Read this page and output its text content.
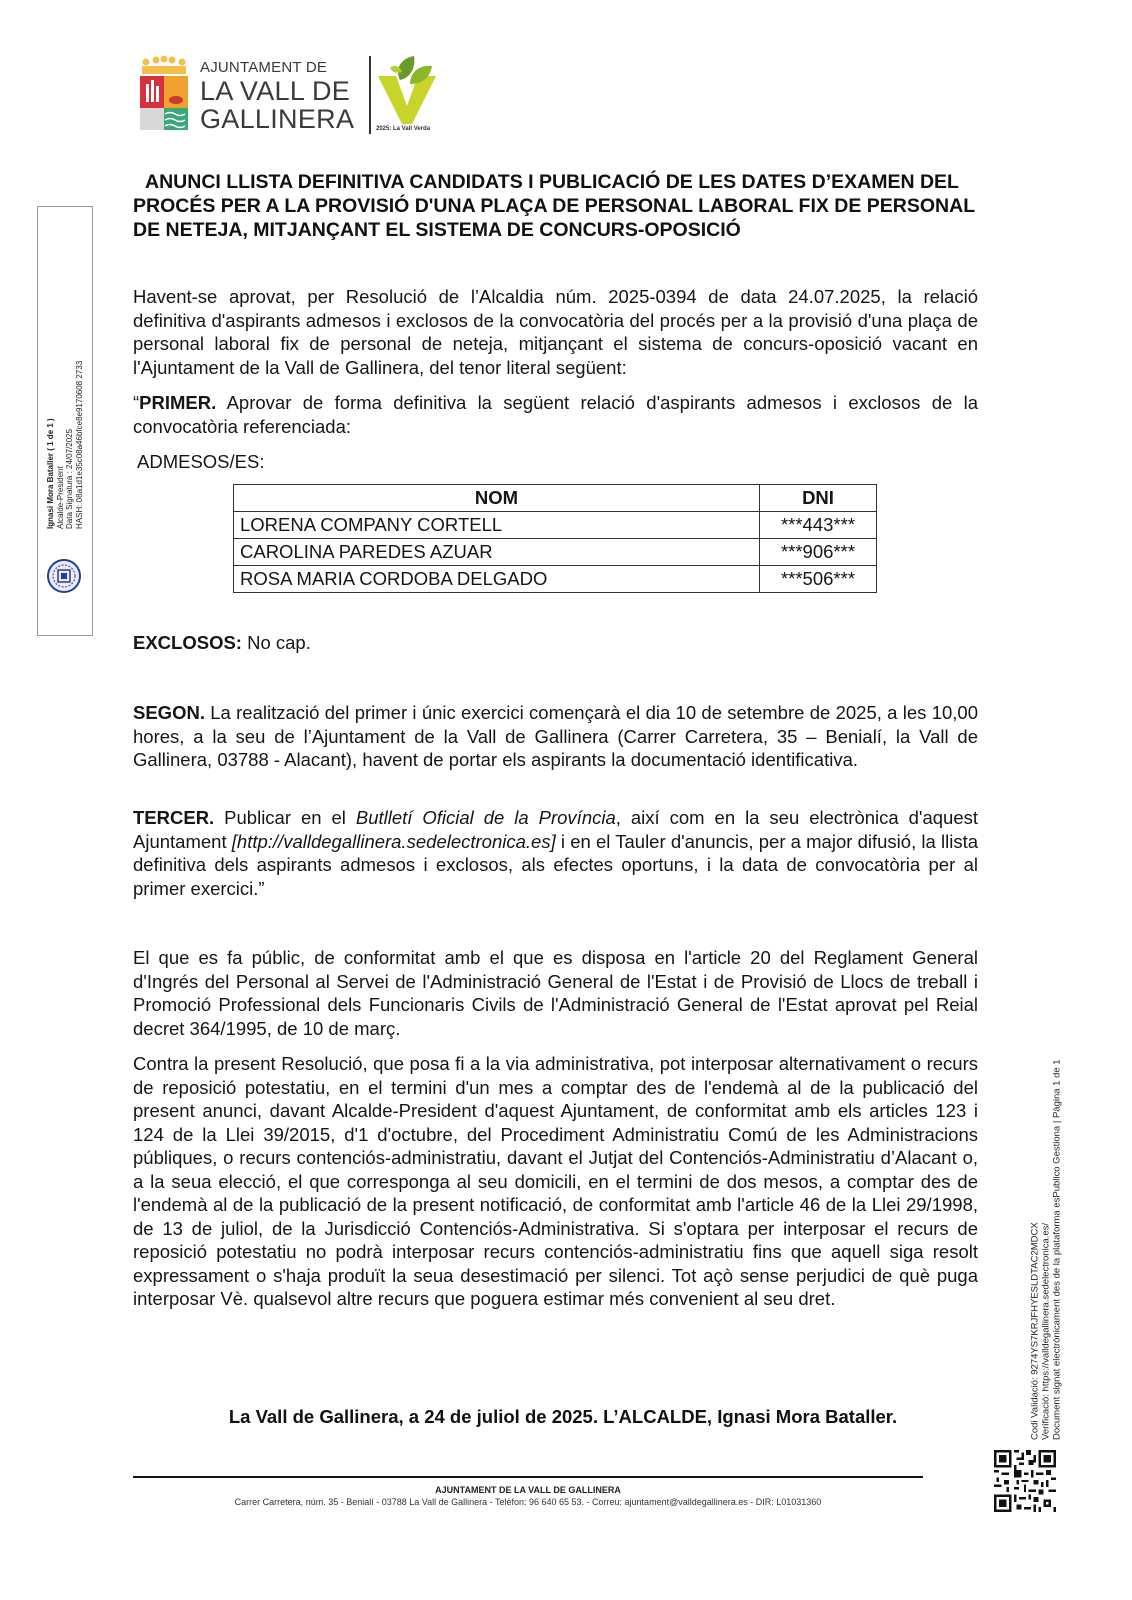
AJUNTAMENT DE
LA VALL DE
GALLINERA	2025: La Vall Verda
Ignasi Mora Bataller ( 1 de 1 ) Alcalde-President Data Signatura : 24/07/2025 HASH: 08a1d1e35c08a46bfce8e9170608 2733
ANUNCI LLISTA DEFINITIVA CANDIDATS I PUBLICACIÓ DE LES DATES D’EXAMEN DEL PROCÉS PER A LA PROVISIÓ D'UNA PLAÇA DE PERSONAL LABORAL FIX DE PERSONAL DE NETEJA, MITJANÇANT EL SISTEMA DE CONCURS-OPOSICIÓ
Havent-se aprovat, per Resolució de l’Alcaldia núm. 2025-0394 de data 24.07.2025, la relació definitiva d'aspirants admesos i exclosos de la convocatòria del procés per a la provisió d'una plaça de personal laboral fix de personal de neteja, mitjançant el sistema de concurs-oposició vacant en l'Ajuntament de la Vall de Gallinera, del tenor literal següent:
“PRIMER. Aprovar de forma definitiva la següent relació d'aspirants admesos i exclosos de la convocatòria referenciada:
ADMESOS/ES:
NOM	DNI
LORENA COMPANY CORTELL	***443***
CAROLINA PAREDES AZUAR	***906***
ROSA MARIA CORDOBA DELGADO	***506***
EXCLOSOS: No cap.
SEGON. La realització del primer i únic exercici començarà el dia 10 de setembre de 2025, a les 10,00 hores, a la seu de l’Ajuntament de la Vall de Gallinera (Carrer Carretera, 35 – Benialí, la Vall de Gallinera, 03788 - Alacant), havent de portar els aspirants la documentació identificativa.
TERCER. Publicar en el Butlletí Oficial de la Província, així com en la seu electrònica d'aquest Ajuntament [http://valldegallinera.sedelectronica.es] i en el Tauler d'anuncis, per a major difusió, la llista definitiva dels aspirants admesos i exclosos, als efectes oportuns, i la data de convocatòria per al primer exercici.”
El que es fa públic, de conformitat amb el que es disposa en l'article 20 del Reglament General d'Ingrés del Personal al Servei de l'Administració General de l'Estat i de Provisió de Llocs de treball i Promoció Professional dels Funcionaris Civils de l'Administració General de l'Estat aprovat pel Reial decret 364/1995, de 10 de març.
Contra la present Resolució, que posa fi a la via administrativa, pot interposar alternativament o recurs de reposició potestatiu, en el termini d'un mes a comptar des de l'endemà al de la publicació del present anunci, davant Alcalde-President d'aquest Ajuntament, de conformitat amb els articles 123 i 124 de la Llei 39/2015, d'1 d'octubre, del Procediment Administratiu Comú de les Administracions públiques, o recurs contenciós-administratiu, davant el Jutjat del Contenciós-Administratiu d’Alacant o, a la seua elecció, el que corresponga al seu domicili, en el termini de dos mesos, a comptar des de l'endemà al de la publicació de la present notificació, de conformitat amb l'article 46 de la Llei 29/1998, de 13 de juliol, de la Jurisdicció Contenciós-Administrativa. Si s'optara per interposar el recurs de reposició potestatiu no podrà interposar recurs contenciós-administratiu fins que aquell siga resolt expressament o s'haja produït la seua desestimació per silenci. Tot açò sense perjudici de què puga interposar Vè. qualsevol altre recurs que poguera estimar més convenient al seu dret.
La Vall de Gallinera, a 24 de juliol de 2025. L’ALCALDE, Ignasi Mora Bataller.
AJUNTAMENT DE LA VALL DE GALLINERA
Carrer Carretera, núm. 35 - Benialí - 03788 La Vall de Gallinera - Telèfon: 96 640 65 53. - Correu: ajuntament@valldegallinera.es - DIR: L01031360
Codi Validació: 9274YS7KRJFHYESLDTAC2MDCX Verificació: https://valldegallinera.sedelectronica.es/ Document signat electrònicament des de la plataforma esPublico Gestiona | Pàgina 1 de 1
